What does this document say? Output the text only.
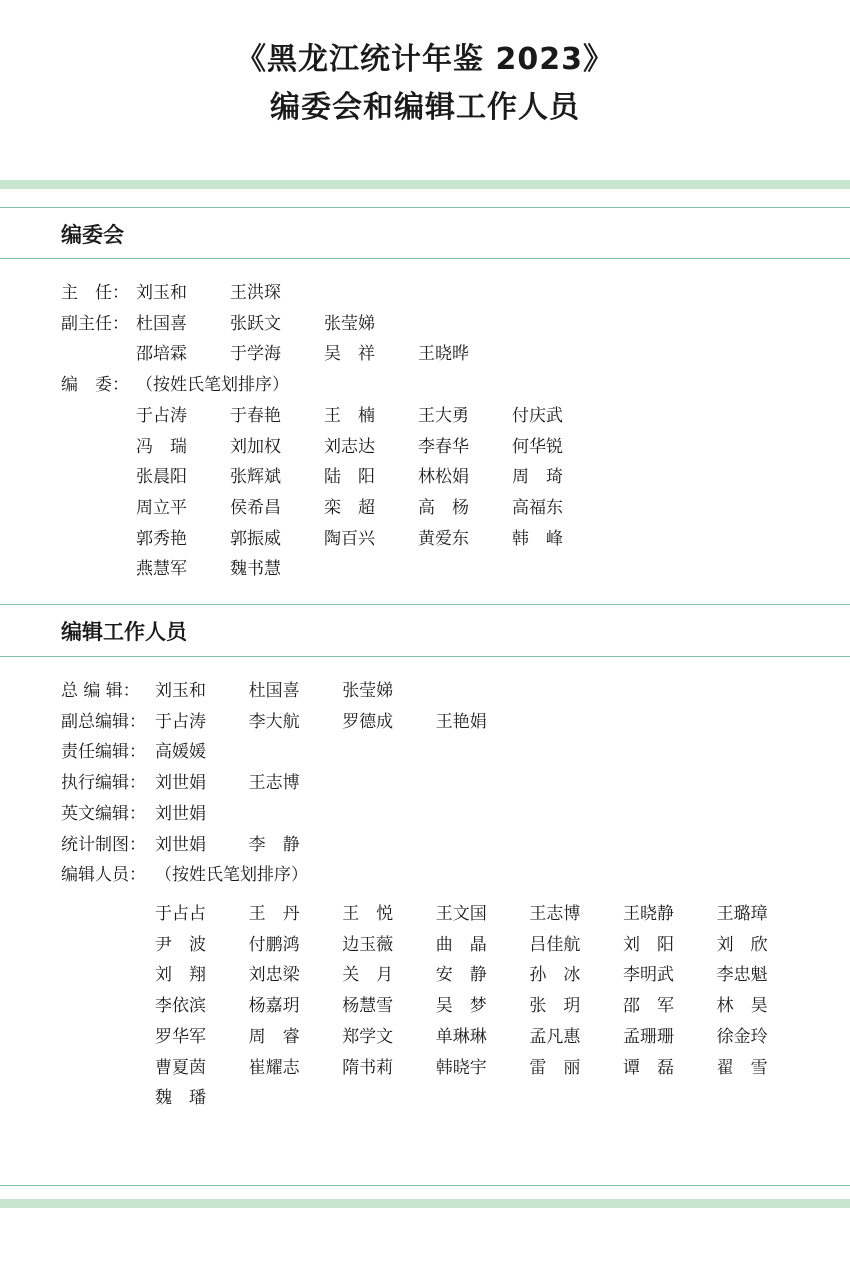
《黑龙江统计年鉴 2023》
编委会和编辑工作人员
编委会
主　任： 刘玉和	王洪琛
副主任： 杜国喜	张跃文	张莹娣
邵培霖	于学海	吴　祥	王晓晔
编　委： （按姓氏笔划排序）
于占涛	于春艳	王　楠	王大勇	付庆武
冯　瑞	刘加权	刘志达	李春华	何华锐
张晨阳	张辉斌	陆　阳	林松娟	周　琦
周立平	侯希昌	栾　超	高　杨	高福东
郭秀艳	郭振威	陶百兴	黄爱东	韩　峰
燕慧军	魏书慧
编辑工作人员
总 编 辑： 刘玉和	杜国喜	张莹娣
副总编辑： 于占涛	李大航	罗德成	王艳娟
责任编辑： 高媛媛
执行编辑： 刘世娟	王志博
英文编辑： 刘世娟
统计制图： 刘世娟	李　静
编辑人员： （按姓氏笔划排序）
于占占	王　丹	王　悦	王文国	王志博	王晓静	王璐璋
尹　波	付鹏鸿	边玉薇	曲　晶	吕佳航	刘　阳	刘　欣
刘　翔	刘忠梁	关　月	安　静	孙　冰	李明武	李忠魁
李依滨	杨嘉玥	杨慧雪	吴　梦	张　玥	邵　军	林　昊
罗华军	周　睿	郑学文	单琳琳	孟凡惠	孟珊珊	徐金玲
曹夏茵	崔耀志	隋书莉	韩晓宇	雷　丽	谭　磊	翟　雪
魏　璠
